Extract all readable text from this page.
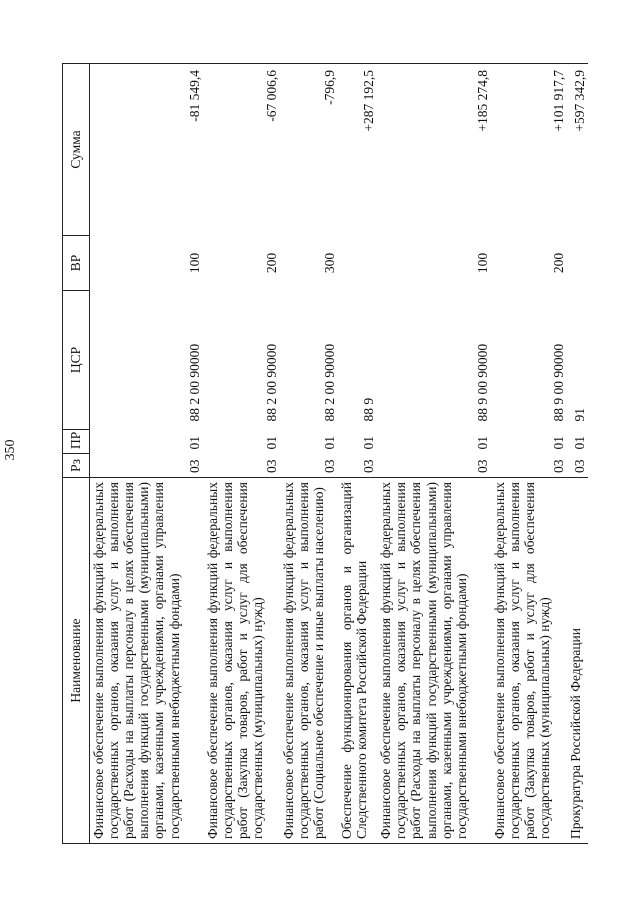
350
Наименование	Рз	ПР	ЦСР	ВР	Сумма
Финансовое обеспечение выполнения функций федеральных государственных органов, оказания услуг и выполнения работ (Расходы на выплаты персоналу в целях обеспечения выполнения функций государственными (муниципальными) органами, казенными учреждениями, органами управления государственными внебюджетными фондами)	03	01	88 2 00 90000	100	-81 549,4
Финансовое обеспечение выполнения функций федеральных государственных органов, оказания услуг и выполнения работ (Закупка товаров, работ и услуг для обеспечения государственных (муниципальных) нужд)	03	01	88 2 00 90000	200	-67 006,6
Финансовое обеспечение выполнения функций федеральных государственных органов, оказания услуг и выполнения работ (Социальное обеспечение и иные выплаты населению)	03	01	88 2 00 90000	300	-796,9
Обеспечение функционирования органов и организаций Следственного комитета Российской Федерации	03	01	88 9		+287 192,5
Финансовое обеспечение выполнения функций федеральных государственных органов, оказания услуг и выполнения работ (Расходы на выплаты персоналу в целях обеспечения выполнения функций государственными (муниципальными) органами, казенными учреждениями, органами управления государственными внебюджетными фондами)	03	01	88 9 00 90000	100	+185 274,8
Финансовое обеспечение выполнения функций федеральных государственных органов, оказания услуг и выполнения работ (Закупка товаров, работ и услуг для обеспечения государственных (муниципальных) нужд)	03	01	88 9 00 90000	200	+101 917,7
Прокуратура Российской Федерации	03	01	91		+597 342,9
